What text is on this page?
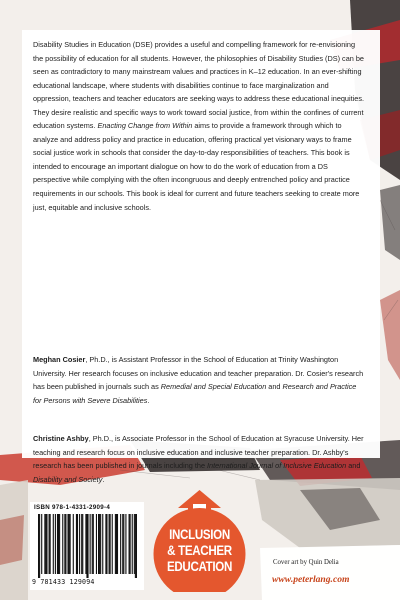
Disability Studies in Education (DSE) provides a useful and compelling framework for re-envisioning the possibility of education for all students. However, the philosophies of Disability Studies (DS) can be seen as contradictory to many mainstream values and practices in K–12 education. In an ever-shifting educational landscape, where students with disabilities continue to face marginalization and oppression, teachers and teacher educators are seeking ways to address these educational inequities. They desire realistic and specific ways to work toward social justice, from within the confines of current education systems. Enacting Change from Within aims to provide a framework through which to analyze and address policy and practice in education, offering practical yet visionary ways to frame social justice work in schools that consider the day-to-day responsibilities of teachers. This book is intended to encourage an important dialogue on how to do the work of education from a DS perspective while complying with the often incongruous and deeply entrenched policy and practice requirements in our schools. This book is ideal for current and future teachers seeking to create more just, equitable and inclusive schools.

Meghan Cosier, Ph.D., is Assistant Professor in the School of Education at Trinity Washington University. Her research focuses on inclusive education and teacher preparation. Dr. Cosier's research has been published in journals such as Remedial and Special Education and Research and Practice for Persons with Severe Disabilities.

Christine Ashby, Ph.D., is Associate Professor in the School of Education at Syracuse University. Her teaching and research focus on inclusive education and inclusive teacher preparation. Dr. Ashby's research has been published in journals including the International Journal of Inclusive Education and Disability and Society.

ISBN 978-1-4331-2909-4
9 781433 129094
INCLUSION
& TEACHER
EDUCATION	Cover art by Quin Delia
www.peterlang.com
